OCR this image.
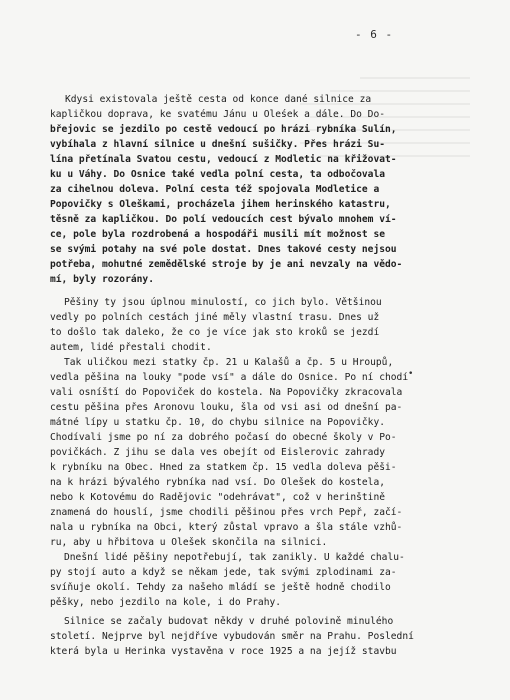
- 6 -
•
Kdysi existovala ještě cesta od konce dané silnice za
kapličkou doprava, ke svatému Jánu u Oleśek a dále. Do Do-
břejovic se jezdilo po cestě vedoucí po hrázi rybníka Sulín,
vybíhala z hlavní silnice u dnešní sušičky. Přes hrázi Su-
lína přetínala Svatou cestu, vedoucí z Modletic na křižovat-
ku u Váhy. Do Osnice také vedla polní cesta, ta odbočovala
za cihelnou doleva. Polní cesta též spojovala Modletice a
Popovičky s Oleškami, procházela jihem herinského katastru,
těsně za kapličkou. Do polí vedoucích cest bývalo mnohem ví-
ce, pole byla rozdrobená a hospodáři musili mít možnost se
se svými potahy na své pole dostat. Dnes takové cesty nejsou
potřeba, mohutné zemědělské stroje by je ani nevzaly na vědo-
mí, byly rozorány.
Pěšiny ty jsou úplnou minulostí, co jich bylo. Většinou
vedly po polních cestách jiné měly vlastní trasu. Dnes už
to došlo tak daleko, že co je více jak sto kroků se jezdí
autem, lidé přestali chodit.
Tak uličkou mezi statky čp. 21 u Kalašů a čp. 5 u Hroupů,
vedla pěšina na louky "pode vsí" a dále do Osnice. Po ní chodí
vali osníští do Popoviček do kostela. Na Popovičky zkracovala
cestu pěšina přes Aronovu louku, šla od vsi asi od dnešní pa-
mátné lípy u statku čp. 10, do chybu silnice na Popovičky.
Chodívali jsme po ní za dobrého počasí do obecné školy v Po-
povičkách. Z jihu se dala ves obejít od Eislerovic zahrady
k rybníku na Obec. Hned za statkem čp. 15 vedla doleva pěši-
na k hrázi bývalého rybníka nad vsí. Do Olešek do kostela,
nebo k Kotovému do Radějovic "odehrávat", což v herinštině
znamená do houslí, jsme chodili pěšinou přes vrch Pepř, začí-
nala u rybníka na Obci, který zůstal vpravo a šla stále vzhů-
ru, aby u hřbitova u Olešek skončila na silnici.
Dnešní lidé pěšiny nepotřebují, tak zanikly. U každé chalu-
py stojí auto a když se někam jede, tak svými zplodinami za-
svíňuje okolí. Tehdy za našeho mládí se ještě hodně chodilo
pěšky, nebo jezdilo na kole, i do Prahy.
Silnice se začaly budovat někdy v druhé polovině minulého
století. Nejprve byl nejdříve vybudován směr na Prahu. Poslední
která byla u Herinka vystavěna v roce 1925 a na jejíž stavbu
